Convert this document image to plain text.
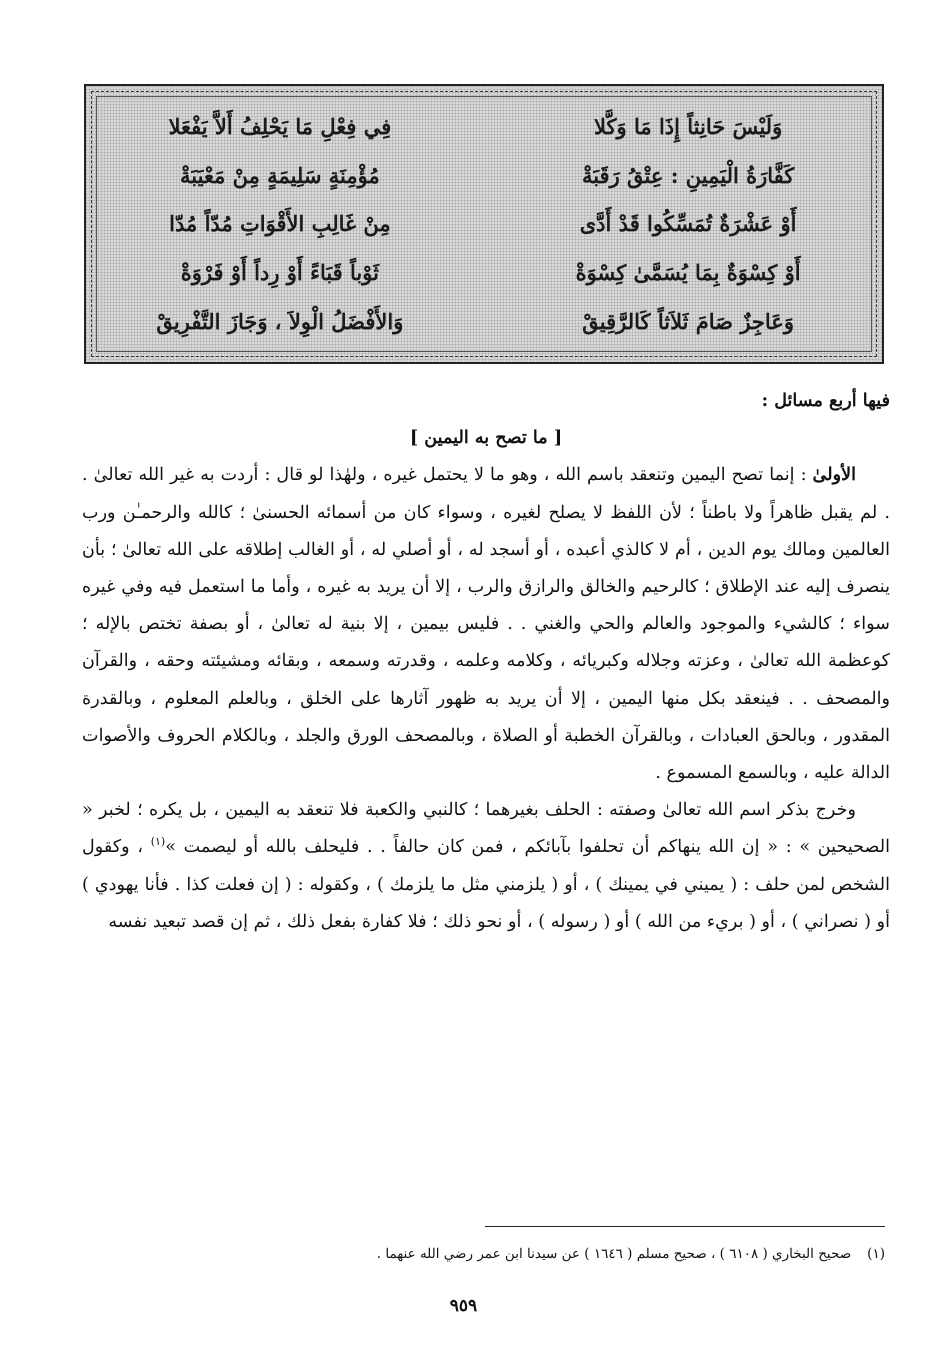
وَلَيْسَ حَانِثاً إِذَا مَا وَكَّلا
فِي فِعْلِ مَا يَحْلِفُ أَلاَّ يَفْعَلا
كَفَّارَةُ الْيَمِينِ : عِتْقُ رَقَبَةْ
مُؤْمِنَةٍ سَلِيمَةٍ مِنْ مَعْيَبَةْ
أَوْ عَشْرَةٌ تُمَسِّكُوا قَدْ أَدَّى
مِنْ غَالِبِ الأَقْوَاتِ مُدّاً مُدّا
أَوْ كِسْوَةٌ بِمَا يُسَمَّىٰ كِسْوَةْ
ثَوْباً قَبَاءً أَوْ رِداً أَوْ فَرْوَةْ
وَعَاجِزٌ صَامَ ثَلاَثاً كَالرَّقِيقْ
وَالأَفْضَلُ الْوِلاَ ، وَجَازَ التَّفْرِيقْ

فيها أربع مسائل :

[ ما تصح به اليمين ]

الأولىٰ : إنما تصح اليمين وتنعقد باسم الله ، وهو ما لا يحتمل غيره ، ولهٰذا لو قال : أردت به غير الله تعالىٰ . . لم يقبل ظاهراً ولا باطناً ؛ لأن اللفظ لا يصلح لغيره ، وسواء كان من أسمائه الحسنىٰ ؛ كالله والرحمـٰن ورب العالمين ومالك يوم الدين ، أم لا كالذي أعبده ، أو أسجد له ، أو أصلي له ، أو الغالب إطلاقه على الله تعالىٰ ؛ بأن ينصرف إليه عند الإطلاق ؛ كالرحيم والخالق والرازق والرب ، إلا أن يريد به غيره ، وأما ما استعمل فيه وفي غيره سواء ؛ كالشيء والموجود والعالم والحي والغني . . فليس بيمين ، إلا بنية له تعالىٰ ، أو بصفة تختص بالإله ؛ كوعظمة الله تعالىٰ ، وعزته وجلاله وكبريائه ، وكلامه وعلمه ، وقدرته وسمعه ، وبقائه ومشيئته وحقه ، والقرآن والمصحف . . فينعقد بكل منها اليمين ، إلا أن يريد به ظهور آثارها على الخلق ، وبالعلم المعلوم ، وبالقدرة المقدور ، وبالحق العبادات ، وبالقرآن الخطبة أو الصلاة ، وبالمصحف الورق والجلد ، وبالكلام الحروف والأصوات الدالة عليه ، وبالسمع المسموع .

وخرج بذكر اسم الله تعالىٰ وصفته : الحلف بغيرهما ؛ كالنبي والكعبة فلا تنعقد به اليمين ، بل يكره ؛ لخبر « الصحيحين » : « إن الله ينهاكم أن تحلفوا بآبائكم ، فمن كان حالفاً . . فليحلف بالله أو ليصمت »$^{(١)}$ ، وكقول الشخص لمن حلف : ( يميني في يمينك ) ، أو ( يلزمني مثل ما يلزمك ) ، وكقوله : ( إن فعلت كذا . فأنا يهودي ) أو ( نصراني ) ، أو ( بريء من الله ) أو ( رسوله ) ، أو نحو ذلك ؛ فلا كفارة بفعل ذلك ، ثم إن قصد تبعيد نفسه

(١)صحيح البخاري ( ٦١٠٨ ) ، صحيح مسلم ( ١٦٤٦ ) عن سيدنا ابن عمر رضي الله عنهما .
٩٥٩
